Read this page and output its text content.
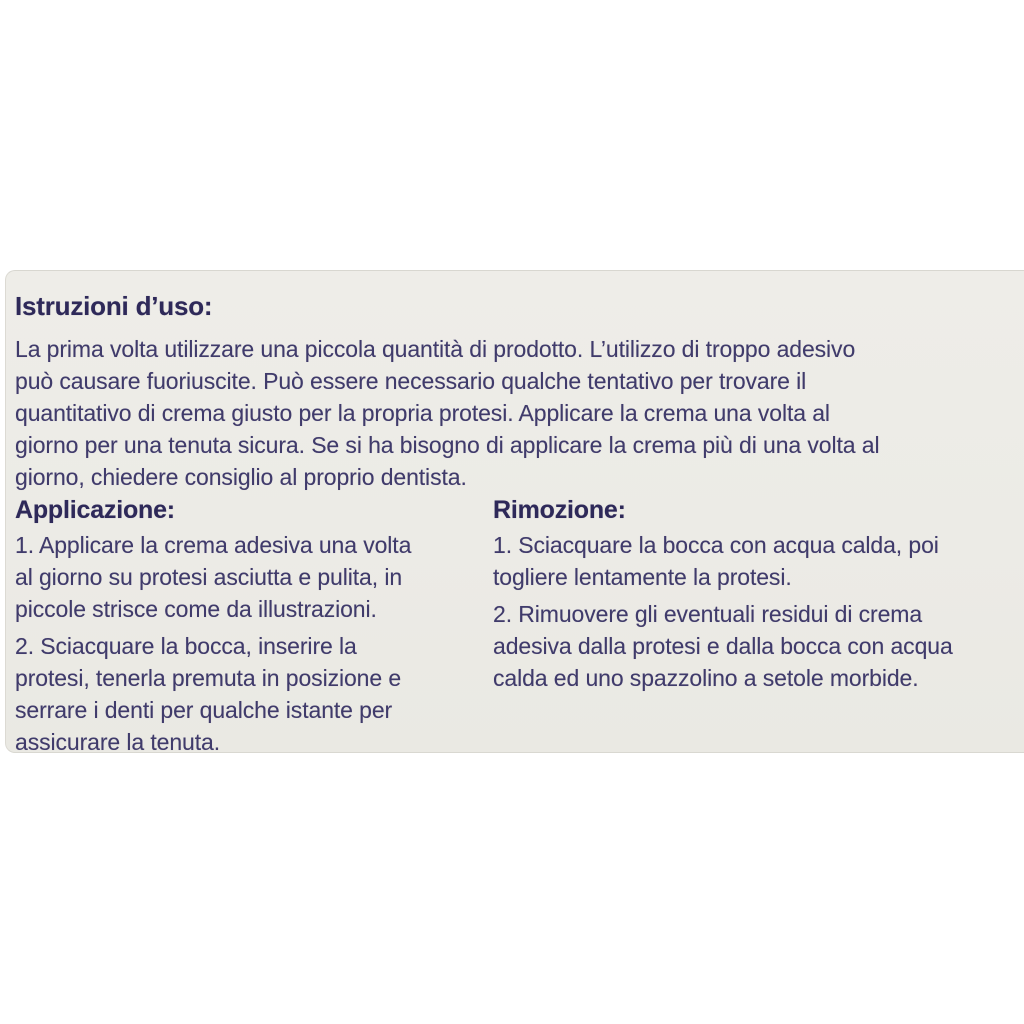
Istruzioni d’uso:
La prima volta utilizzare una piccola quantità di prodotto. L’utilizzo di troppo adesivo
può causare fuoriuscite. Può essere necessario qualche tentativo per trovare il
quantitativo di crema giusto per la propria protesi. Applicare la crema una volta al
giorno per una tenuta sicura. Se si ha bisogno di applicare la crema più di una volta al
giorno, chiedere consiglio al proprio dentista.
Applicazione:
1. Applicare la crema adesiva una volta
al giorno su protesi asciutta e pulita, in
piccole strisce come da illustrazioni.
2. Sciacquare la bocca, inserire la
protesi, tenerla premuta in posizione e
serrare i denti per qualche istante per
assicurare la tenuta.
Rimozione:
1. Sciacquare la bocca con acqua calda, poi
togliere lentamente la protesi.
2. Rimuovere gli eventuali residui di crema
adesiva dalla protesi e dalla bocca con acqua
calda ed uno spazzolino a setole morbide.
